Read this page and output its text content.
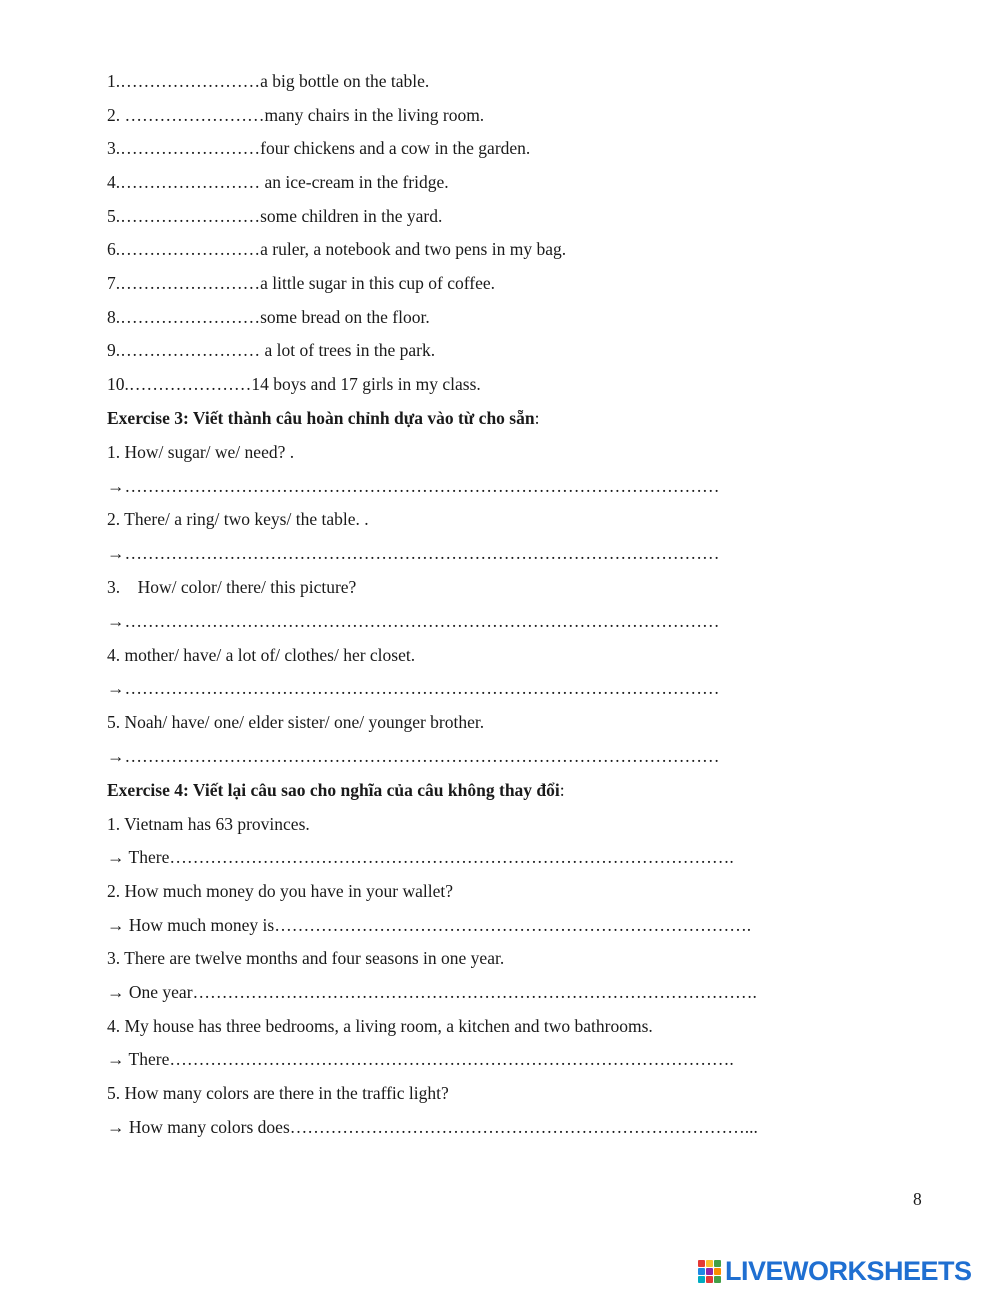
1.……………………a big bottle on the table.
2. ……………………many chairs in the living room.
3.……………………four chickens and a cow in the garden.
4.…………………… an ice-cream in the fridge.
5.……………………some children in the yard.
6.……………………a ruler, a notebook and two pens in my bag.
7.……………………a little sugar in this cup of coffee.
8.……………………some bread on the floor.
9.…………………… a lot of trees in the park.
10.…………………14 boys and 17 girls in my class.
Exercise 3: Viết thành câu hoàn chỉnh dựa vào từ cho sẵn:
1. How/ sugar/ we/ need? .
→…………………………………………………………………………………………
2. There/ a ring/ two keys/ the table. .
→…………………………………………………………………………………………
3.    How/ color/ there/ this picture?
→…………………………………………………………………………………………
4. mother/ have/ a lot of/ clothes/ her closet.
→…………………………………………………………………………………………
5. Noah/ have/ one/ elder sister/ one/ younger brother.
→…………………………………………………………………………………………
Exercise 4: Viết lại câu sao cho nghĩa của câu không thay đổi:
1. Vietnam has 63 provinces.
→ There…………………………………………………………………………………….
2. How much money do you have in your wallet?
→ How much money is……………………………………………………………………….
3. There are twelve months and four seasons in one year.
→ One year…………………………………………………………………………………….
4. My house has three bedrooms, a living room, a kitchen and two bathrooms.
→ There…………………………………………………………………………………….
5. How many colors are there in the traffic light?
→ How many colors does……………………………………………………………………...
8
LIVEWORKSHEETS
